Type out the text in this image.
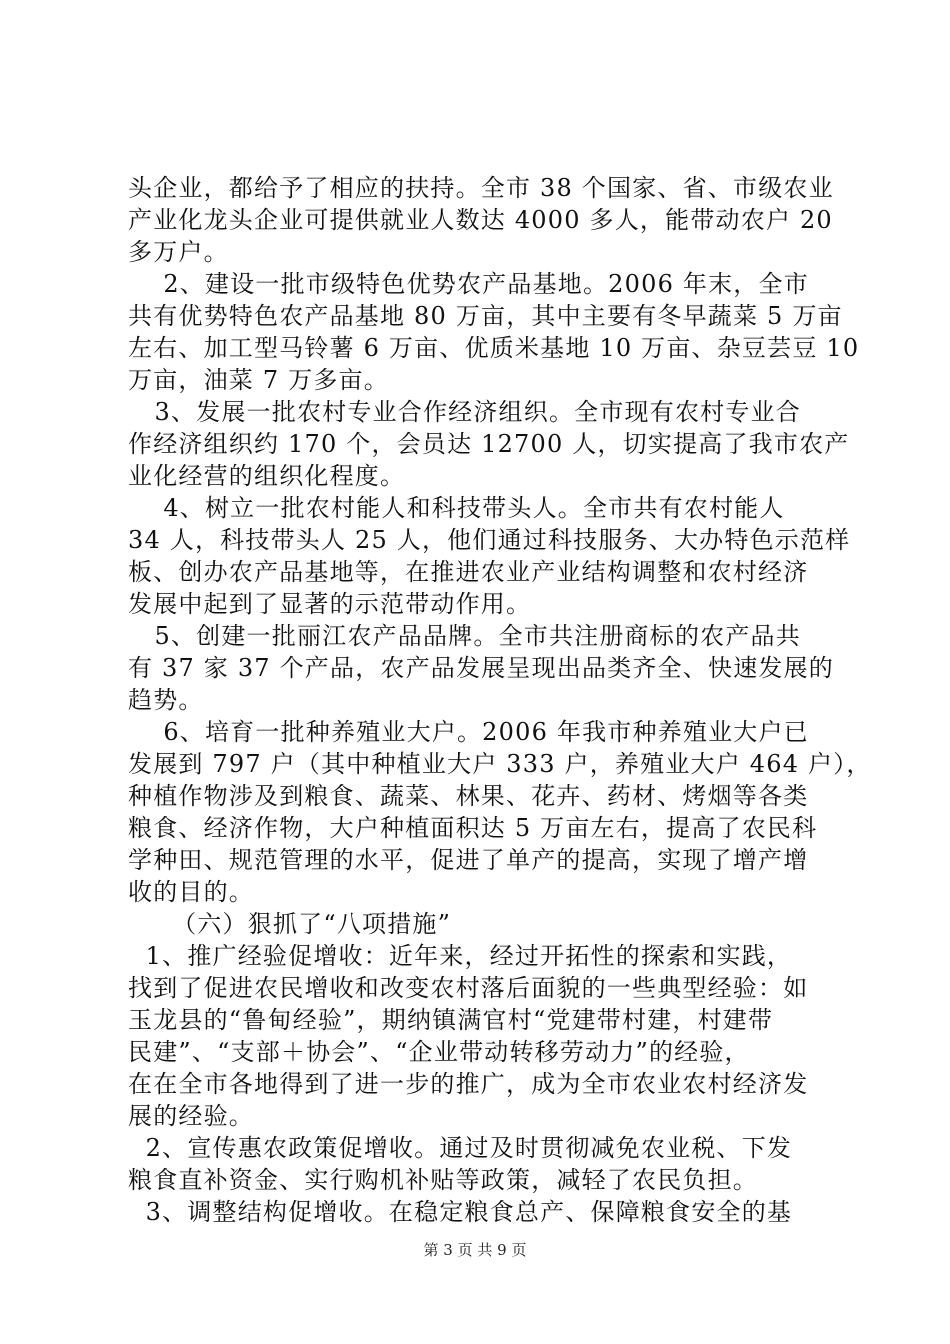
头企业，都给予了相应的扶持。全市 38 个国家、省、市级农业
产业化龙头企业可提供就业人数达 4000 多人，能带动农户 20
多万户。
2、建设一批市级特色优势农产品基地。2006 年末，全市
共有优势特色农产品基地 80 万亩，其中主要有冬早蔬菜 5 万亩
左右、加工型马铃薯 6 万亩、优质米基地 10 万亩、杂豆芸豆 10
万亩，油菜 7 万多亩。
3、发展一批农村专业合作经济组织。全市现有农村专业合
作经济组织约 170 个，会员达 12700 人，切实提高了我市农产
业化经营的组织化程度。
4、树立一批农村能人和科技带头人。全市共有农村能人
34 人，科技带头人 25 人，他们通过科技服务、大办特色示范样
板、创办农产品基地等，在推进农业产业结构调整和农村经济
发展中起到了显著的示范带动作用。
5、创建一批丽江农产品品牌。全市共注册商标的农产品共
有 37 家 37 个产品，农产品发展呈现出品类齐全、快速发展的
趋势。
6、培育一批种养殖业大户。2006 年我市种养殖业大户已
发展到 797 户（其中种植业大户 333 户，养殖业大户 464 户），
种植作物涉及到粮食、蔬菜、林果、花卉、药材、烤烟等各类
粮食、经济作物，大户种植面积达 5 万亩左右，提高了农民科
学种田、规范管理的水平，促进了单产的提高，实现了增产增
收的目的。
（六）狠抓了“八项措施”
1、推广经验促增收：近年来，经过开拓性的探索和实践，
找到了促进农民增收和改变农村落后面貌的一些典型经验：如
玉龙县的“鲁甸经验”，期纳镇满官村“党建带村建，村建带
民建”、“支部＋协会”、“企业带动转移劳动力”的经验，
在在全市各地得到了进一步的推广，成为全市农业农村经济发
展的经验。
2、宣传惠农政策促增收。通过及时贯彻减免农业税、下发
粮食直补资金、实行购机补贴等政策，减轻了农民负担。
3、调整结构促增收。在稳定粮食总产、保障粮食安全的基
第 3 页 共 9 页
